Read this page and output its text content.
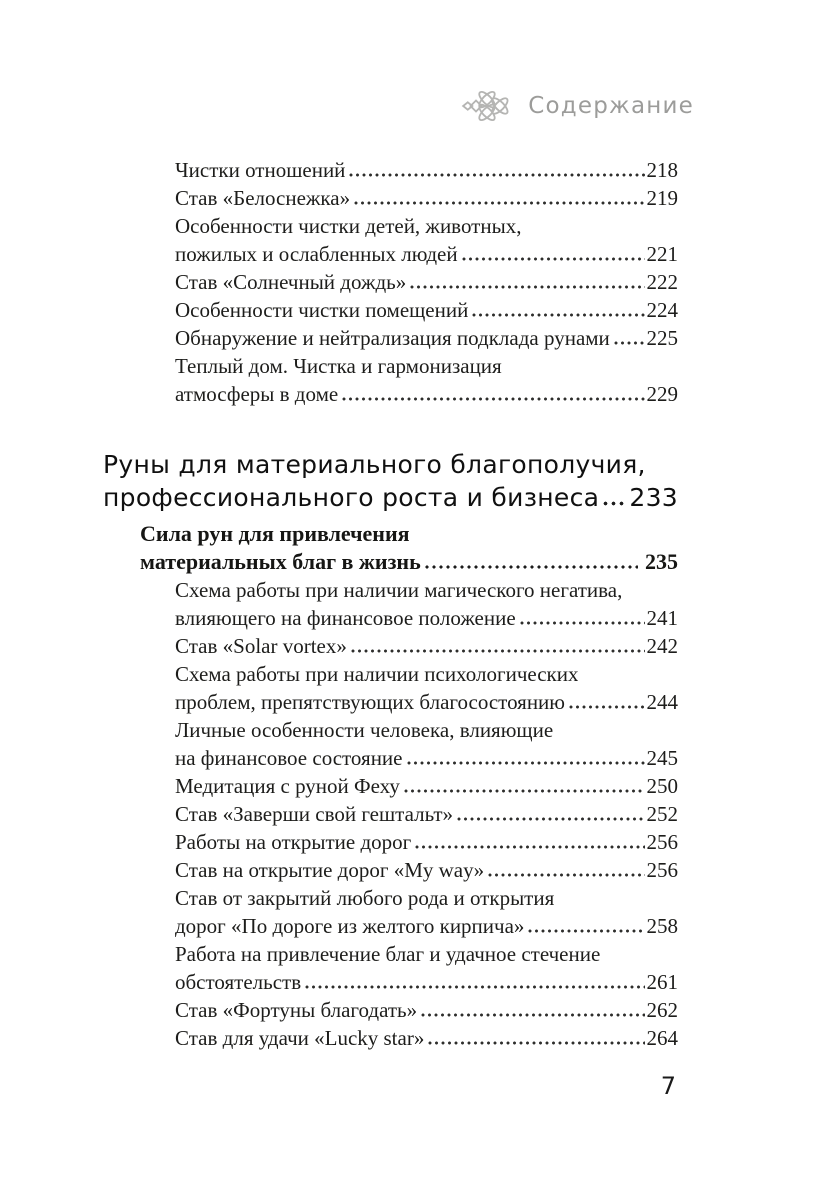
Содержание
Чистки отношений	218
Став «Белоснежка»	219
Особенности чистки детей, животных,
пожилых и ослабленных людей	221
Став «Солнечный дождь»	222
Особенности чистки помещений	224
Обнаружение и нейтрализация подклада рунами 225
Теплый дом. Чистка и гармонизация
атмосферы в доме	229
Руны для материального благополучия,
профессионального роста и бизнеса 233
Сила рун для привлечения
материальных благ в жизнь	235
Схема работы при наличии магического негатива,
влияющего на финансовое положение	241
Став «Solar vortex»	242
Схема работы при наличии психологических
проблем, препятствующих благосостоянию	244
Личные особенности человека, влияющие
на финансовое состояние	245
Медитация с руной Феху	250
Став «Заверши свой гештальт»	252
Работы на открытие дорог	256
Став на открытие дорог «My way»	256
Став от закрытий любого рода и открытия
дорог «По дороге из желтого кирпича»	258
Работа на привлечение благ и удачное стечение
обстоятельств	261
Став «Фортуны благодать»	262
Став для удачи «Lucky star»	264
7
